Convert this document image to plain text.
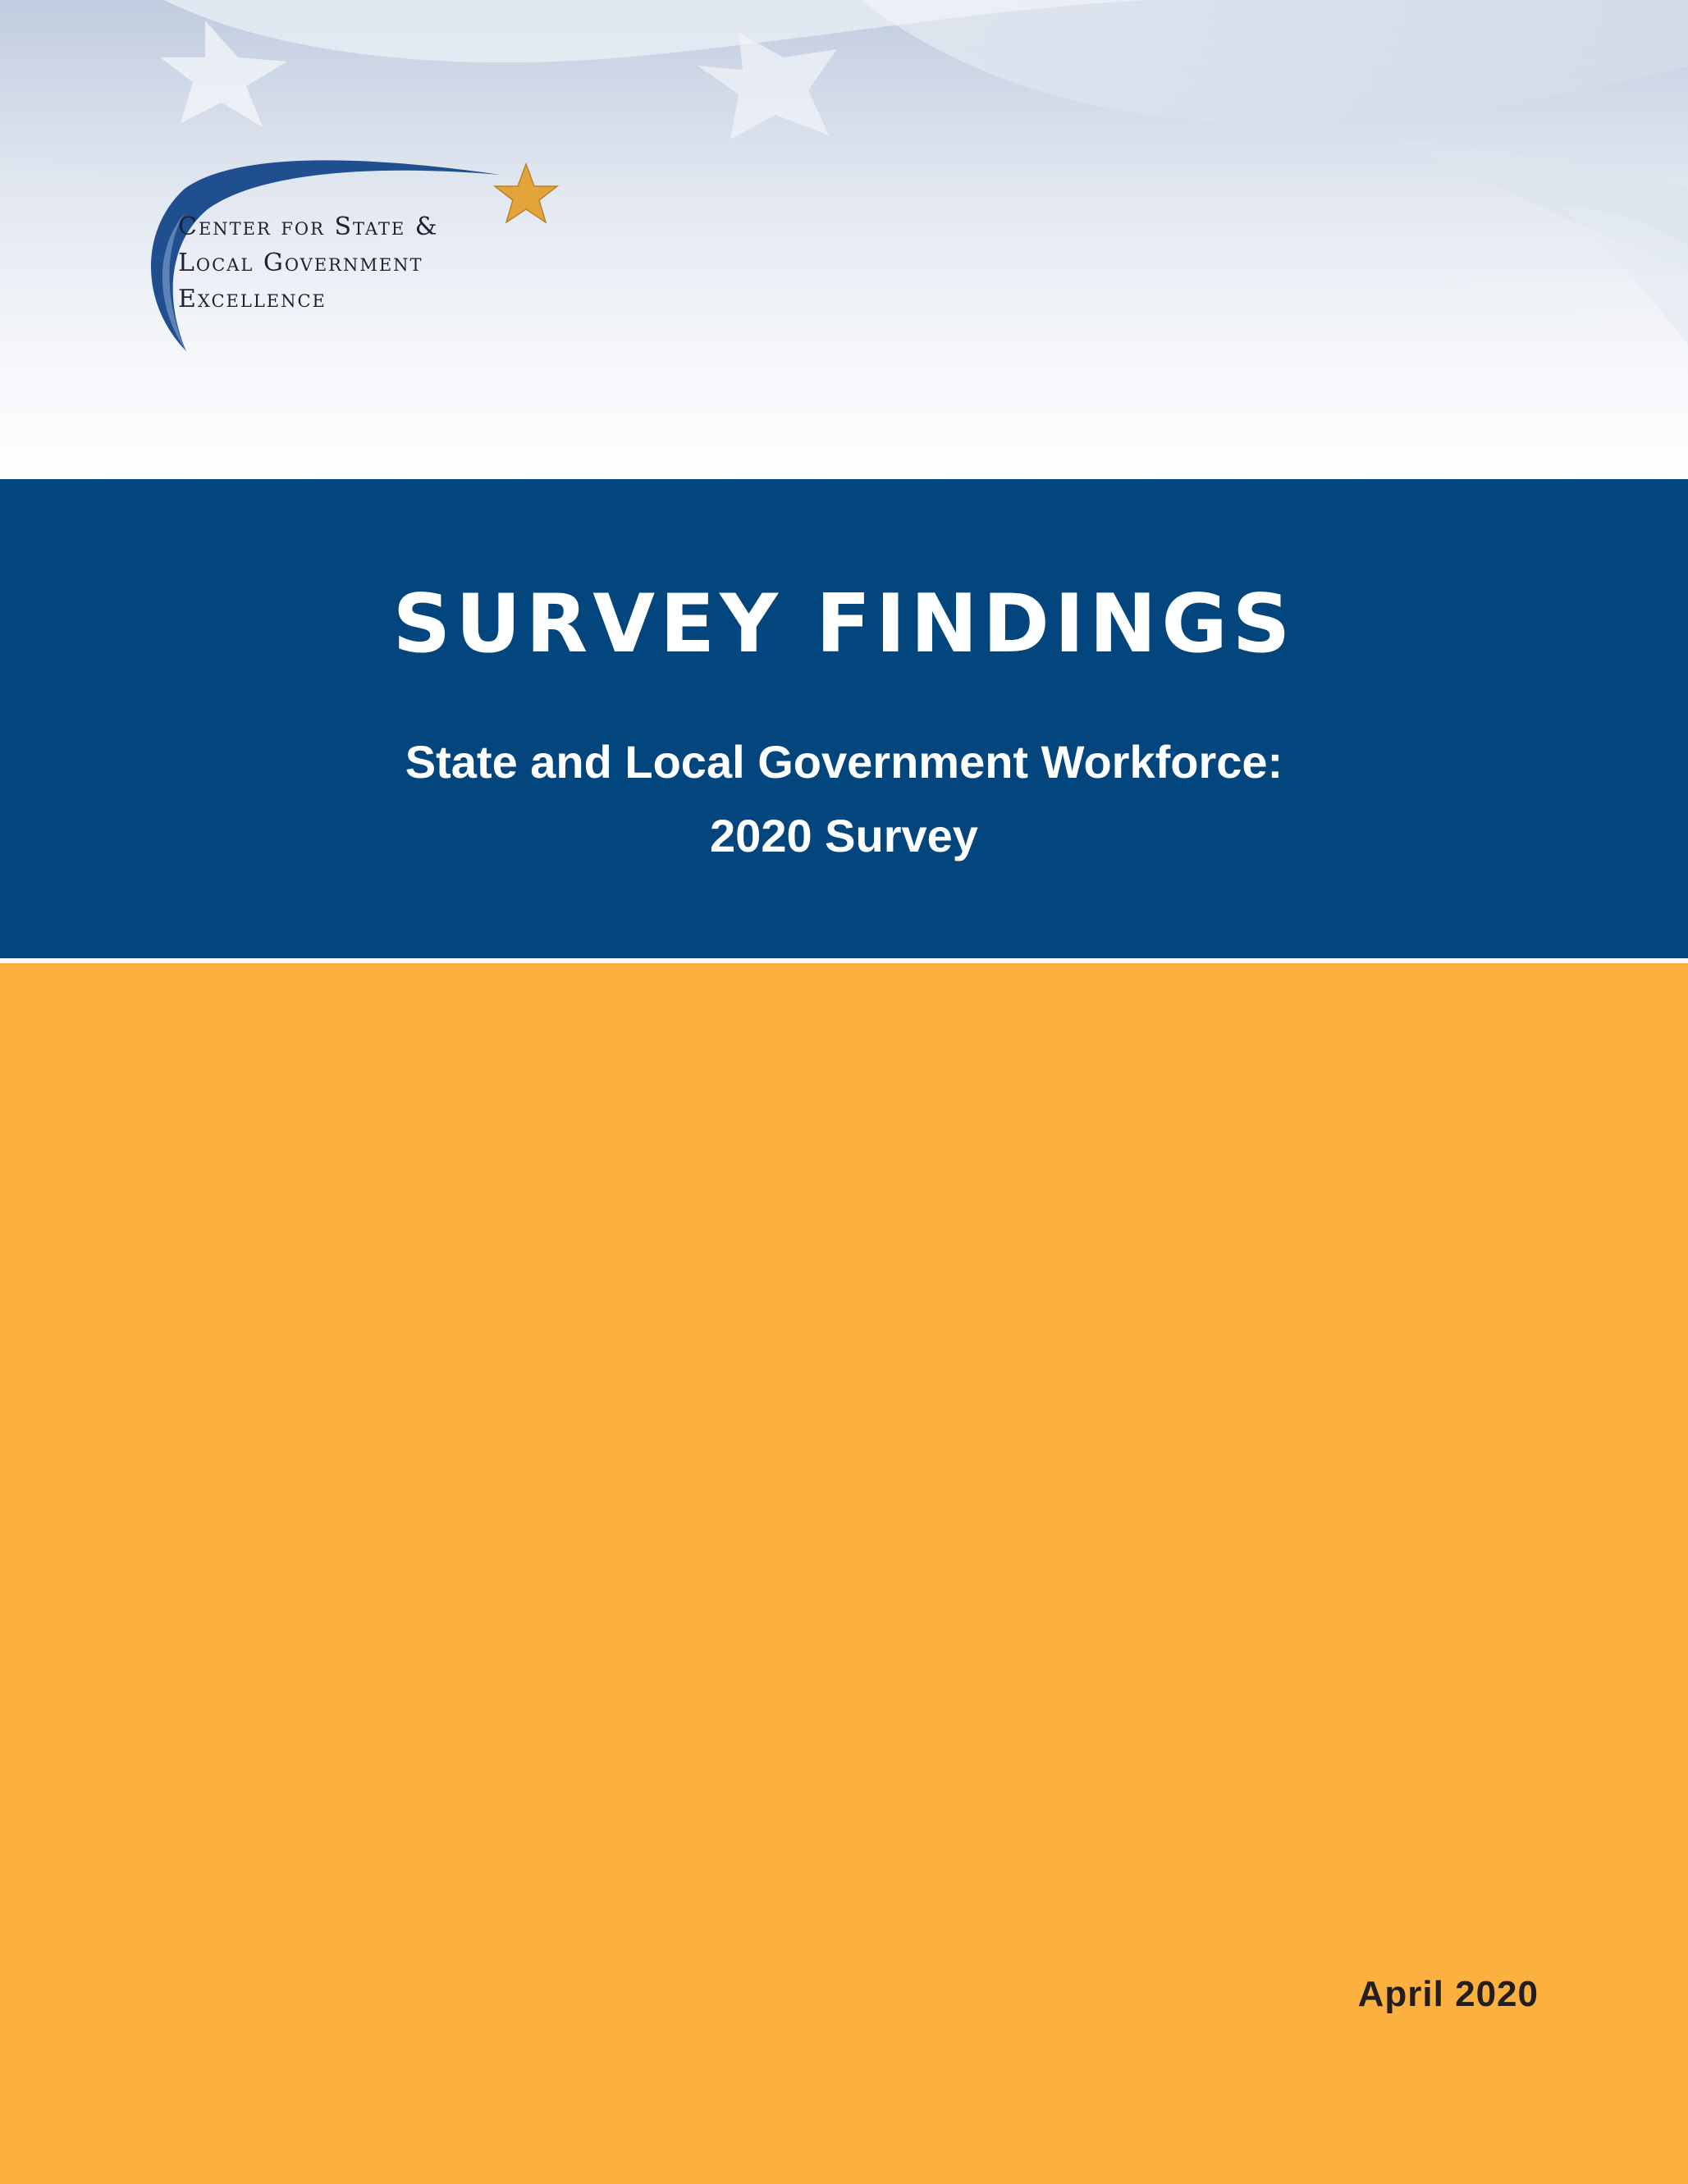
Center for State &
Local Government
Excellence
SURVEY FINDINGS
State and Local Government Workforce:
2020 Survey
April 2020
